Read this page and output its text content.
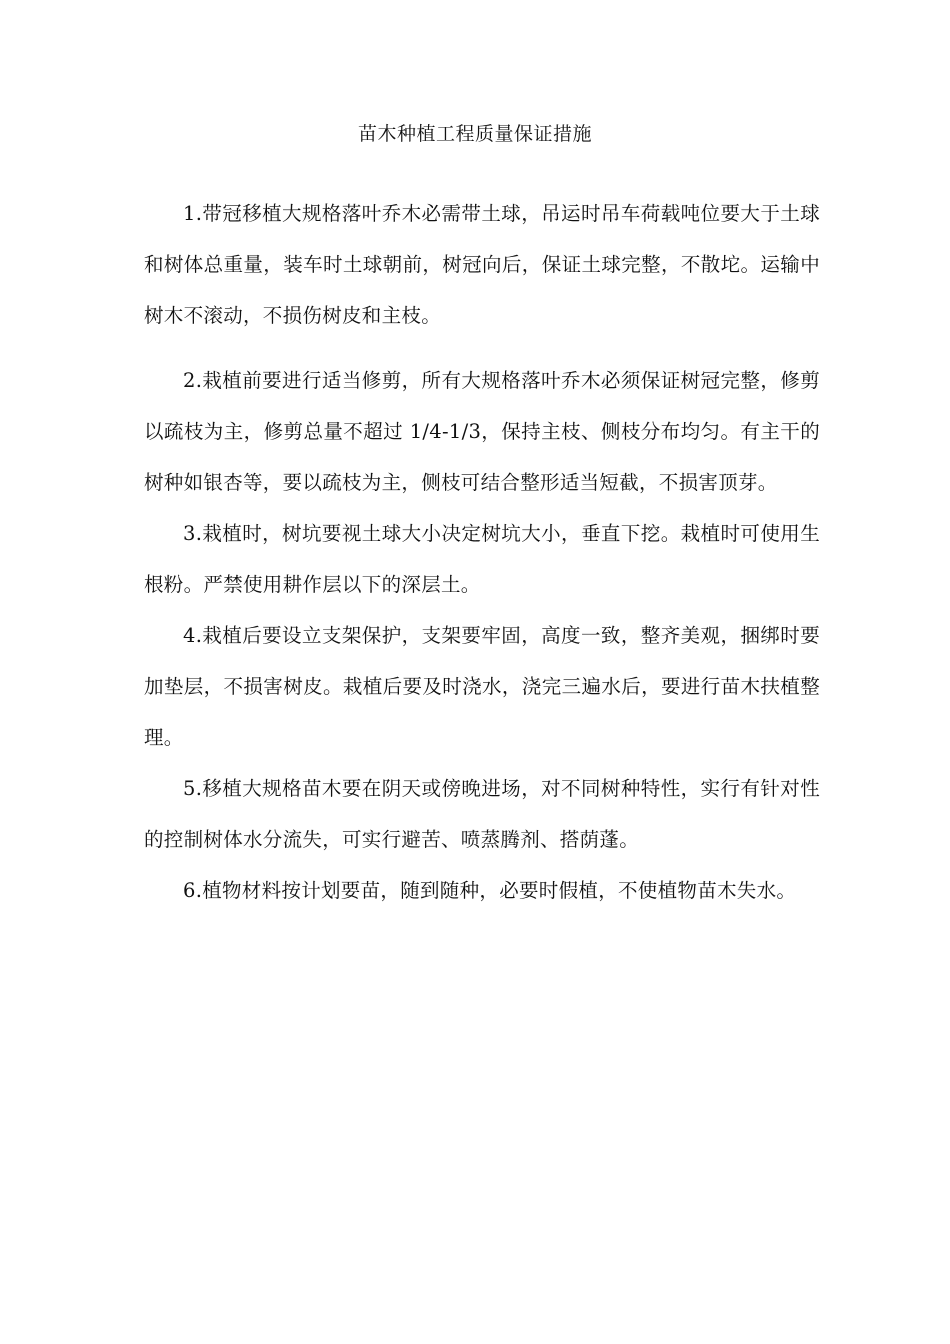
苗木种植工程质量保证措施

1.带冠移植大规格落叶乔木必需带土球，吊运时吊车荷载吨位要大于土球和树体总重量，装车时土球朝前，树冠向后，保证土球完整，不散坨。运输中树木不滚动，不损伤树皮和主枝。

2.栽植前要进行适当修剪，所有大规格落叶乔木必须保证树冠完整，修剪以疏枝为主，修剪总量不超过 1/4-1/3，保持主枝、侧枝分布均匀。有主干的树种如银杏等，要以疏枝为主，侧枝可结合整形适当短截，不损害顶芽。

3.栽植时，树坑要视土球大小决定树坑大小，垂直下挖。栽植时可使用生根粉。严禁使用耕作层以下的深层土。

4.栽植后要设立支架保护，支架要牢固，高度一致，整齐美观，捆绑时要加垫层，不损害树皮。栽植后要及时浇水，浇完三遍水后，要进行苗木扶植整理。

5.移植大规格苗木要在阴天或傍晚进场，对不同树种特性，实行有针对性的控制树体水分流失，可实行避苦、喷蒸腾剂、搭荫蓬。

6.植物材料按计划要苗，随到随种，必要时假植，不使植物苗木失水。
